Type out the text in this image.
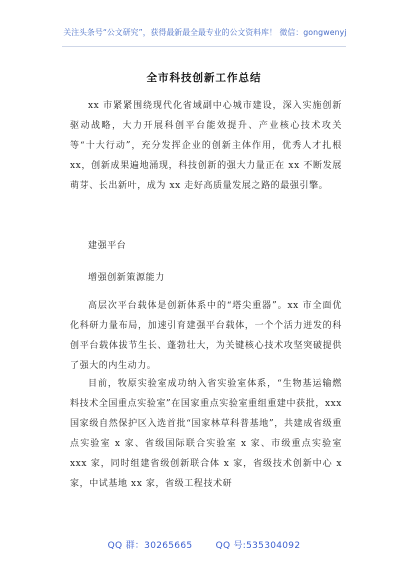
关注头条号“公文研究”，获得最新最全最专业的公文资料库！ 微信：gongwenyj
全市科技创新工作总结

xx 市紧紧围绕现代化省域副中心城市建设，深入实施创新驱动战略，大力开展科创平台能效提升、产业核心技术攻关等“十大行动”，充分发挥企业的创新主体作用，优秀人才扎根 xx，创新成果遍地涌现，科技创新的强大力量正在 xx 不断发展萌芽、长出新叶，成为 xx 走好高质量发展之路的最强引擎。

建强平台

增强创新策源能力

高层次平台载体是创新体系中的“塔尖重器”。xx 市全面优化科研力量布局，加速引育建强平台载体，一个个活力迸发的科创平台载体拔节生长、蓬勃壮大，为关键核心技术攻坚突破提供了强大的内生动力。

目前，牧原实验室成功纳入省实验室体系，“生物基运输燃料技术全国重点实验室”在国家重点实验室重组重建中获批，xxx 国家级自然保护区入选首批“国家林草科普基地”，共建成省级重点实验室 x 家、省级国际联合实验室 x 家、市级重点实验室 xxx 家，同时组建省级创新联合体 x 家，省级技术创新中心 x 家，中试基地 xx 家，省级工程技术研

QQ 群：30265665	QQ 号:535304092
